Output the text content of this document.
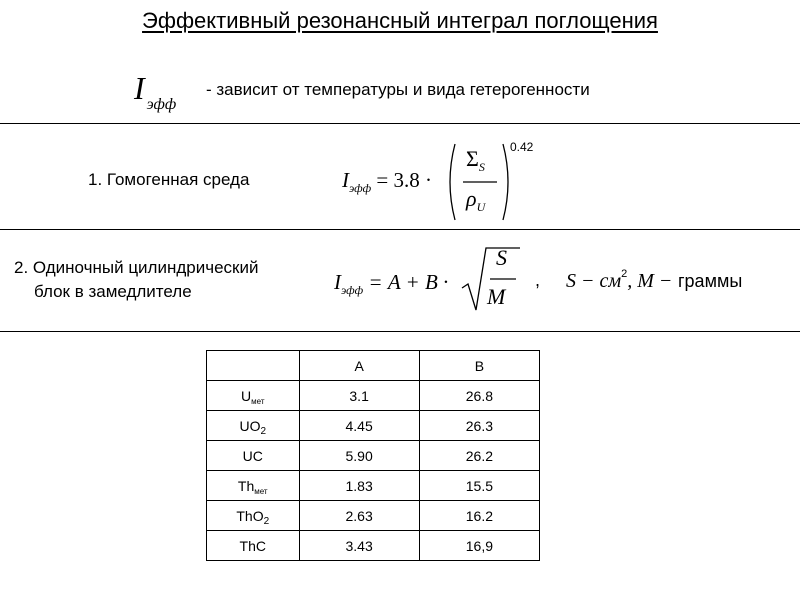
Эффективный резонансный интеграл поглощения
I $_{эфф}$
- зависит от температуры и вида гетерогенности
1. Гомогенная среда	$I_{эфф} = 3.8$ ·
$\Sigma_S$
$\rho_U$
0.42
2. Одиночный цилиндрический
блок в замедлителе	$I_{эфф} = A + B$ ·
S
M
, $S - см^2$, M − граммы
	A	B
$U_{мет}$	3.1	26.8
$UO_2$	4.45	26.3
UC	5.90	26.2
$Th_{мет}$	1.83	15.5
ThO$_2$	2.63	16.2
ThC	3.43	16,9
